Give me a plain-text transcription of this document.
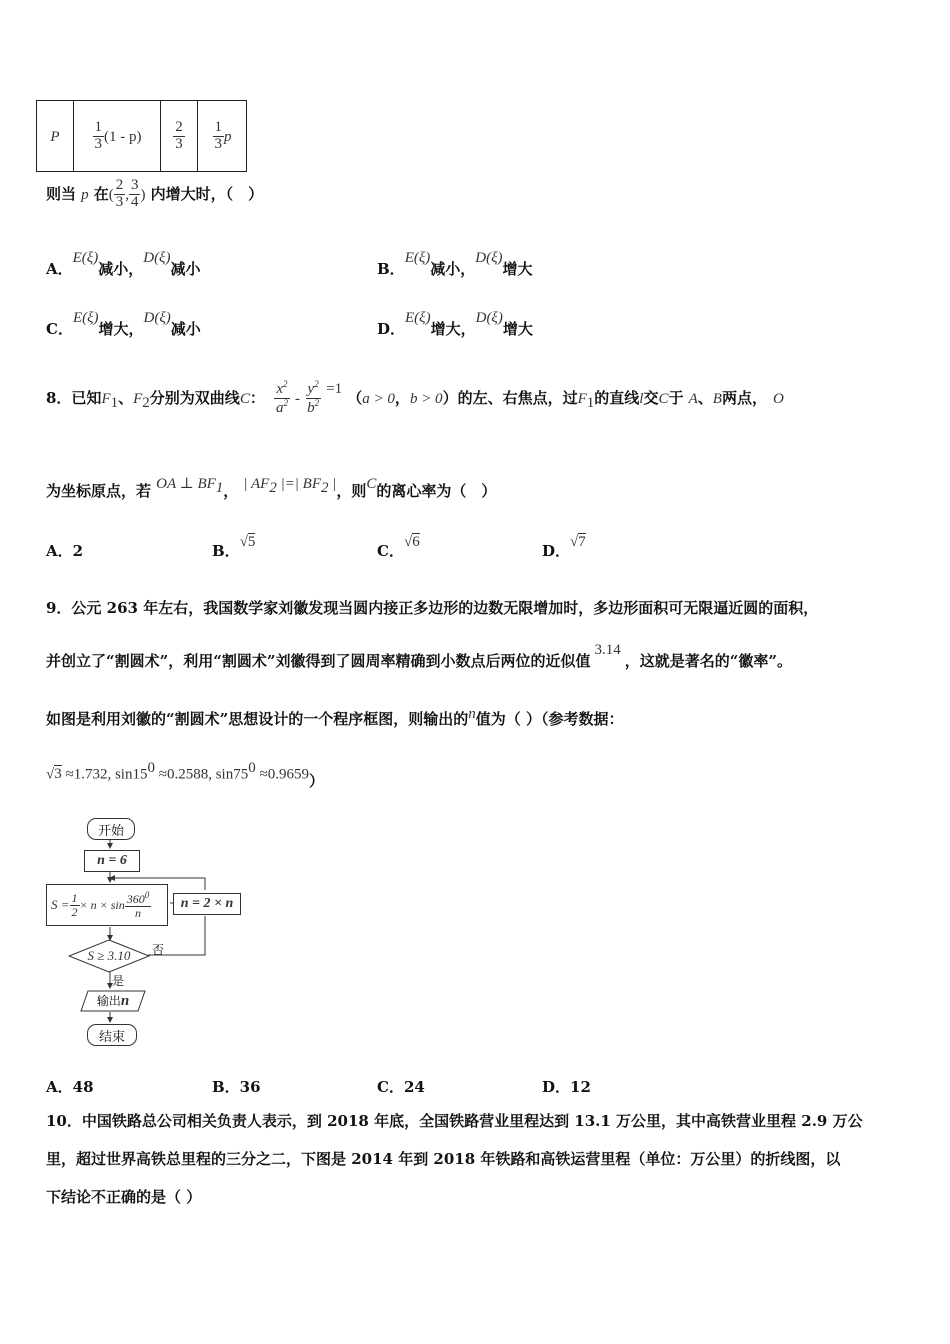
P	$\frac{1}{3} (1 - p)$	$\frac{2}{3}$	$\frac{1}{3}$ p
则当 p 在( $\frac{2}{3}$ , $\frac{3}{4}$ ) 内增大时，（　）
A．E(ξ)减小，D(ξ)减小	B．E(ξ)减小，D(ξ)增大
C．E(ξ)增大，D(ξ)减小	D．E(ξ)增大，D(ξ)增大
8．已知$F_1$、$F_2$分别为双曲线C： $\frac{x^2}{a^2} - \frac{y^2}{b^2} =1$ （a > 0，b > 0）的左、右焦点，过$F_1$的直线l交C于 A、B两点， O
为坐标原点，若 OA ⊥ $BF_1$， | $AF_2$ |=| $BF_2$ |，则C的离心率为（　）
A．2	B．√5	C．√6	D．√7
9．公元 263 年左右，我国数学家刘徽发现当圆内接正多边形的边数无限增加时，多边形面积可无限逼近圆的面积，
并创立了“割圆术”，利用“割圆术”刘徽得到了圆周率精确到小数点后两位的近似值3.14，这就是著名的“徽率”。
如图是利用刘徽的“割圆术”思想设计的一个程序框图，则输出的n值为（ ）（参考数据：
√3 ≈1.732, $\sin 15^0 \approx 0.2588$, $\sin 75^0 \approx 0.9659$）
开始
n = 6
$S = \frac{1}{2} \times n \times \sin \frac{360^0}{n}$ n = 2 × n
S ≥ 3.10	否
是
输出n
结束
A．48	B．36	C．24	D．12
10．中国铁路总公司相关负责人表示，到 2018 年底，全国铁路营业里程达到 13.1 万公里，其中高铁营业里程 2.9 万公
里，超过世界高铁总里程的三分之二，下图是 2014 年到 2018 年铁路和高铁运营里程（单位：万公里）的折线图，以
下结论不正确的是（ ）
